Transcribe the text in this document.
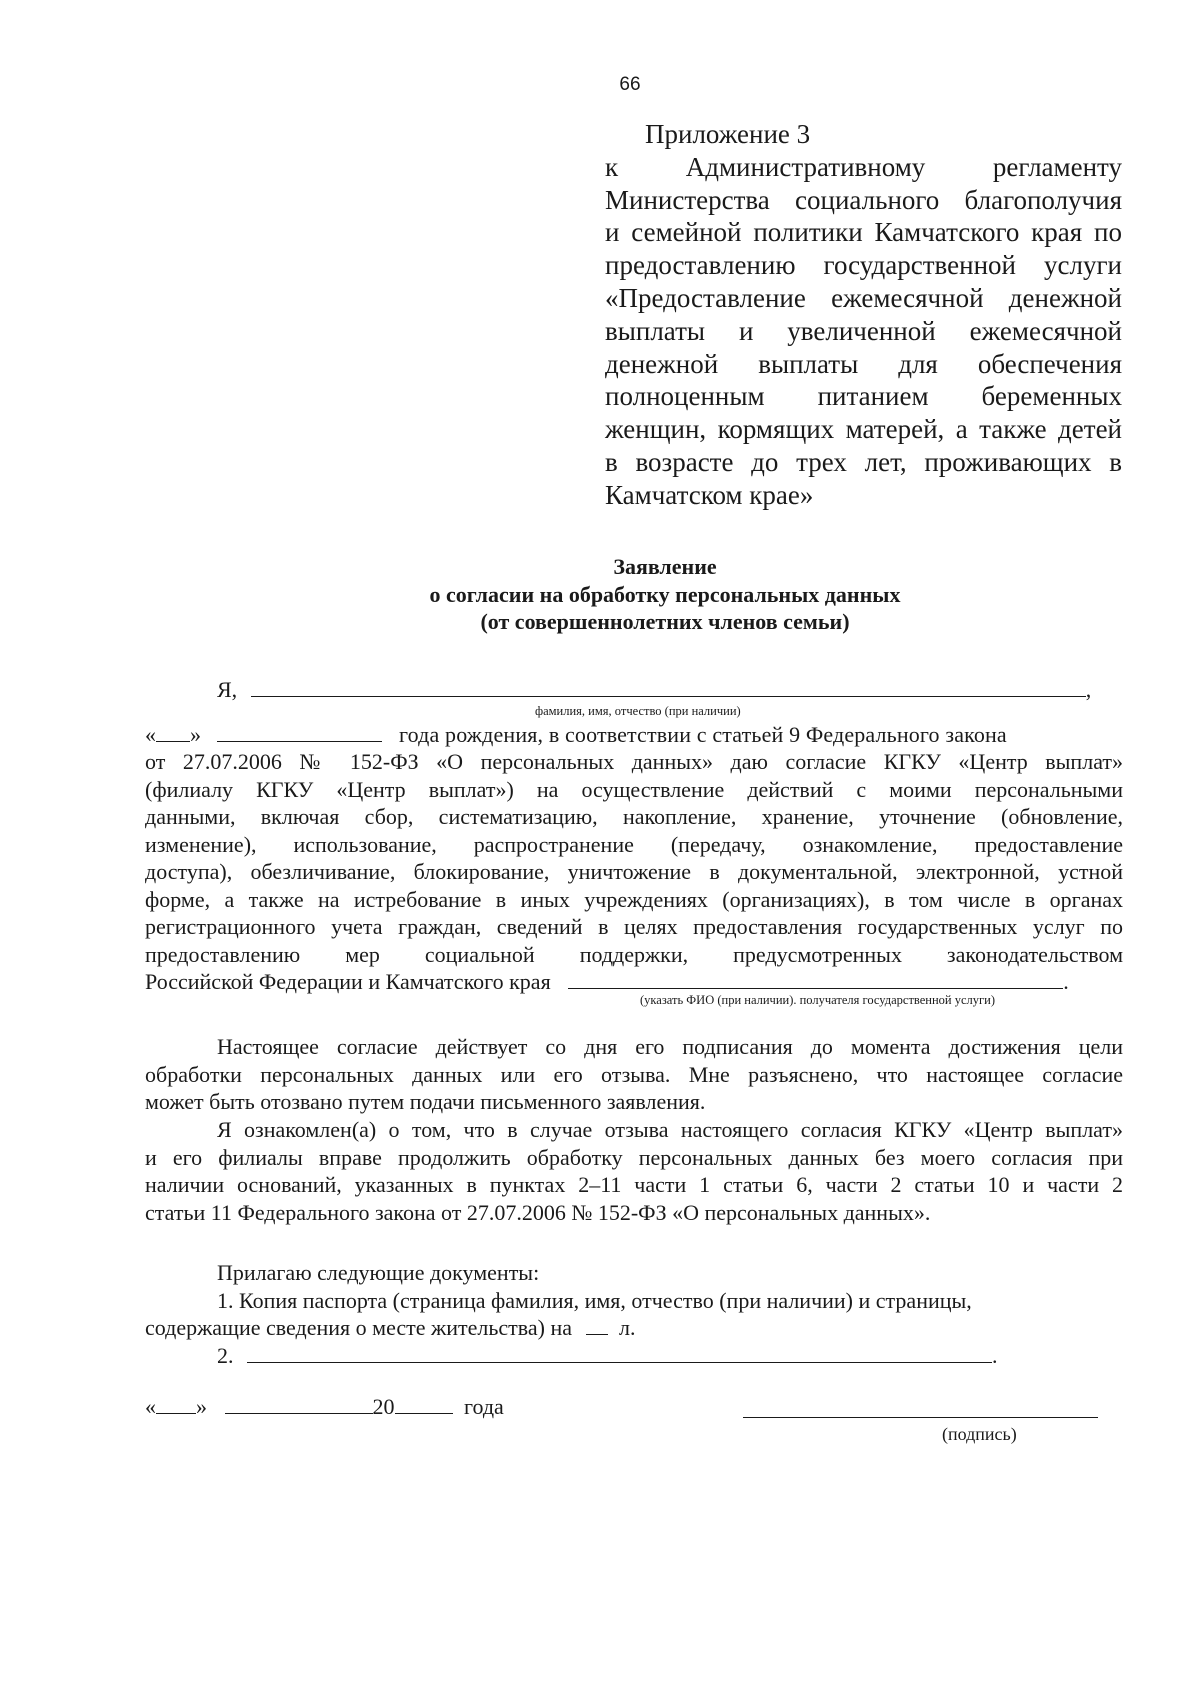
66
Приложение 3
к Административному регламенту
Министерства социального благополучия
и семейной политики Камчатского края по
предоставлению государственной услуги
«Предоставление ежемесячной денежной
выплаты и увеличенной ежемесячной
денежной выплаты для обеспечения
полноценным питанием беременных
женщин, кормящих матерей, а также детей
в возрасте до трех лет, проживающих в
Камчатском крае»
Заявление
о согласии на обработку персональных данных
(от совершеннолетних членов семьи)
Я,	,
фамилия, имя, отчество (при наличии)
« »	года рождения, в соответствии с статьей 9 Федерального закона
от 27.07.2006 № 152-ФЗ «О персональных данных» даю согласие КГКУ «Центр выплат»
(филиалу КГКУ «Центр выплат») на осуществление действий с моими персональными
данными, включая сбор, систематизацию, накопление, хранение, уточнение (обновление,
изменение), использование, распространение (передачу, ознакомление, предоставление
доступа), обезличивание, блокирование, уничтожение в документальной, электронной, устной
форме, а также на истребование в иных учреждениях (организациях), в том числе в органах
регистрационного учета граждан, сведений в целях предоставления государственных услуг по
предоставлению мер социальной поддержки, предусмотренных законодательством
Российской Федерации и Камчатского края	.
(указать ФИО (при наличии). получателя государственной услуги)
Настоящее согласие действует со дня его подписания до момента достижения цели
обработки персональных данных или его отзыва. Мне разъяснено, что настоящее согласие
может быть отозвано путем подачи письменного заявления.
Я ознакомлен(а) о том, что в случае отзыва настоящего согласия КГКУ «Центр выплат»
и его филиалы вправе продолжить обработку персональных данных без моего согласия при
наличии оснований, указанных в пунктах 2–11 части 1 статьи 6, части 2 статьи 10 и части 2
статьи 11 Федерального закона от 27.07.2006 № 152-ФЗ «О персональных данных».
Прилагаю следующие документы:
1. Копия паспорта (страница фамилия, имя, отчество (при наличии) и страницы,
содержащие сведения о месте жительства) на л.
2.	.
« »	20	года
(подпись)
